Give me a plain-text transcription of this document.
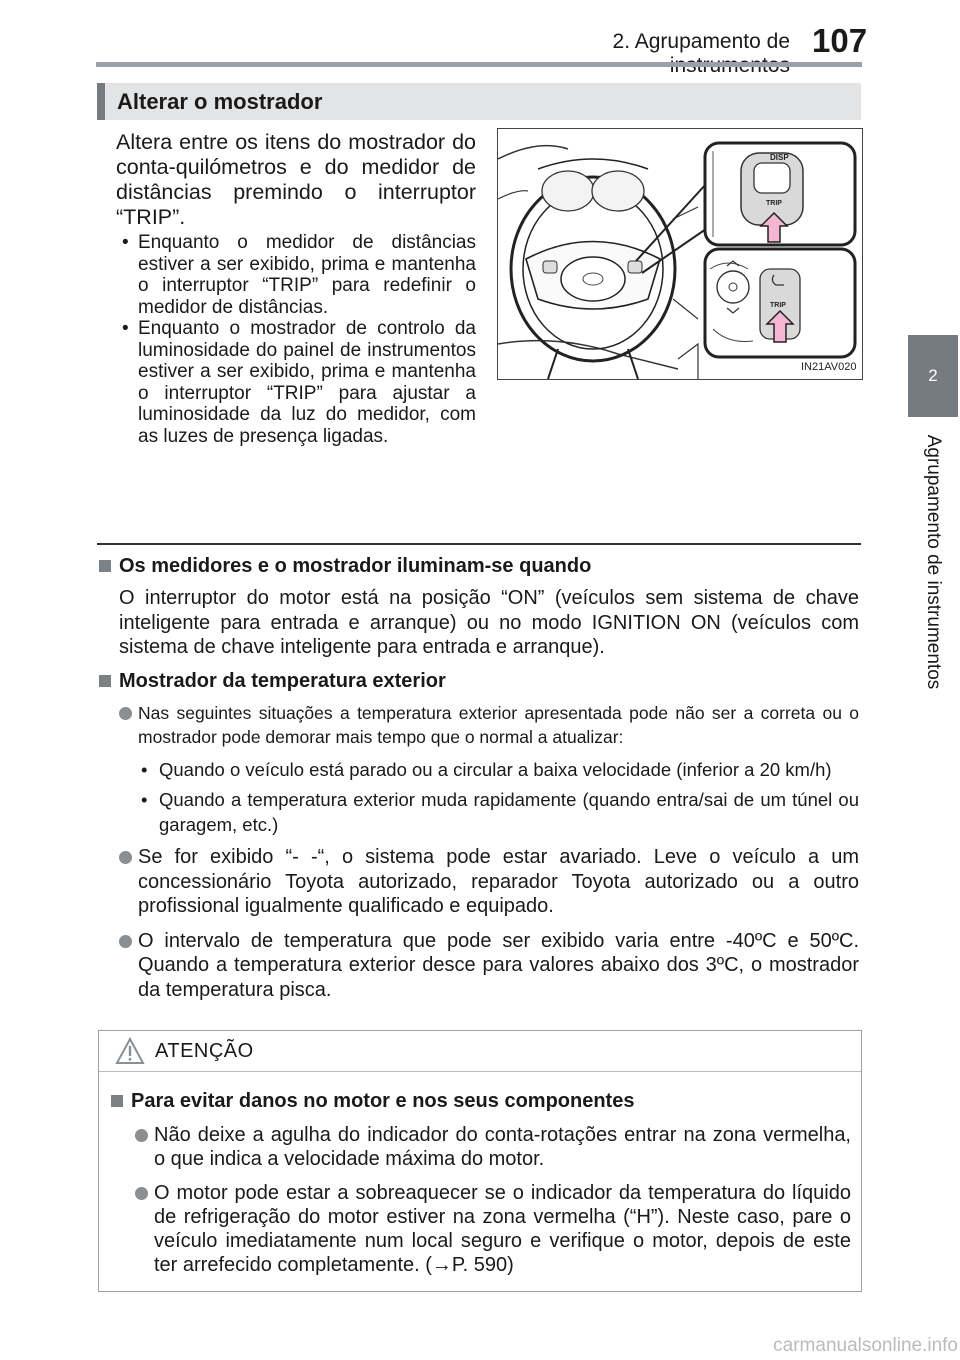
2. Agrupamento de 107
2
Agrupamento de instrumentos
Alterar o mostrador

Altera entre os itens do mostrador do conta-quilómetros e do medidor de distâncias premindo o interruptor “TRIP”.

• Enquanto o medidor de distâncias estiver a ser exibido, prima e mantenha o interruptor “TRIP” para redefinir o medidor de distâncias.
• Enquanto o mostrador de controlo da luminosidade do painel de instrumentos estiver a ser exibido, prima e mantenha o interruptor “TRIP” para ajustar a luminosidade da luz do medidor, com as luzes de presença ligadas.
DISP
TRIP
TRIP
IN21AV020
Os medidores e o mostrador iluminam-se quando

O interruptor do motor está na posição “ON” (veículos sem sistema de chave inteligente para entrada e arranque) ou no modo IGNITION ON (veículos com sistema de chave inteligente para entrada e arranque).

Mostrador da temperatura exterior
Nas seguintes situações a temperatura exterior apresentada pode não ser a correta ou o mostrador pode demorar mais tempo que o normal a atualizar:
• Quando o veículo está parado ou a circular a baixa velocidade (inferior a 20 km/h)
• Quando a temperatura exterior muda rapidamente (quando entra/sai de um túnel ou garagem, etc.)
Se for exibido “- -“, o sistema pode estar avariado. Leve o veículo a um concessionário Toyota autorizado, reparador Toyota autorizado ou a outro profissional igualmente qualificado e equipado.
O intervalo de temperatura que pode ser exibido varia entre -40ºC e 50ºC. Quando a temperatura exterior desce para valores abaixo dos 3ºC, o mostrador da temperatura pisca.
ATENÇÃO
Para evitar danos no motor e nos seus componentes
Não deixe a agulha do indicador do conta-rotações entrar na zona vermelha, o que indica a velocidade máxima do motor.
O motor pode estar a sobreaquecer se o indicador da temperatura do líquido de refrigeração do motor estiver na zona vermelha (“H”). Neste caso, pare o veículo imediatamente num local seguro e verifique o motor, depois de este ter arrefecido completamente. (→P. 590)
carmanualsonline.info
